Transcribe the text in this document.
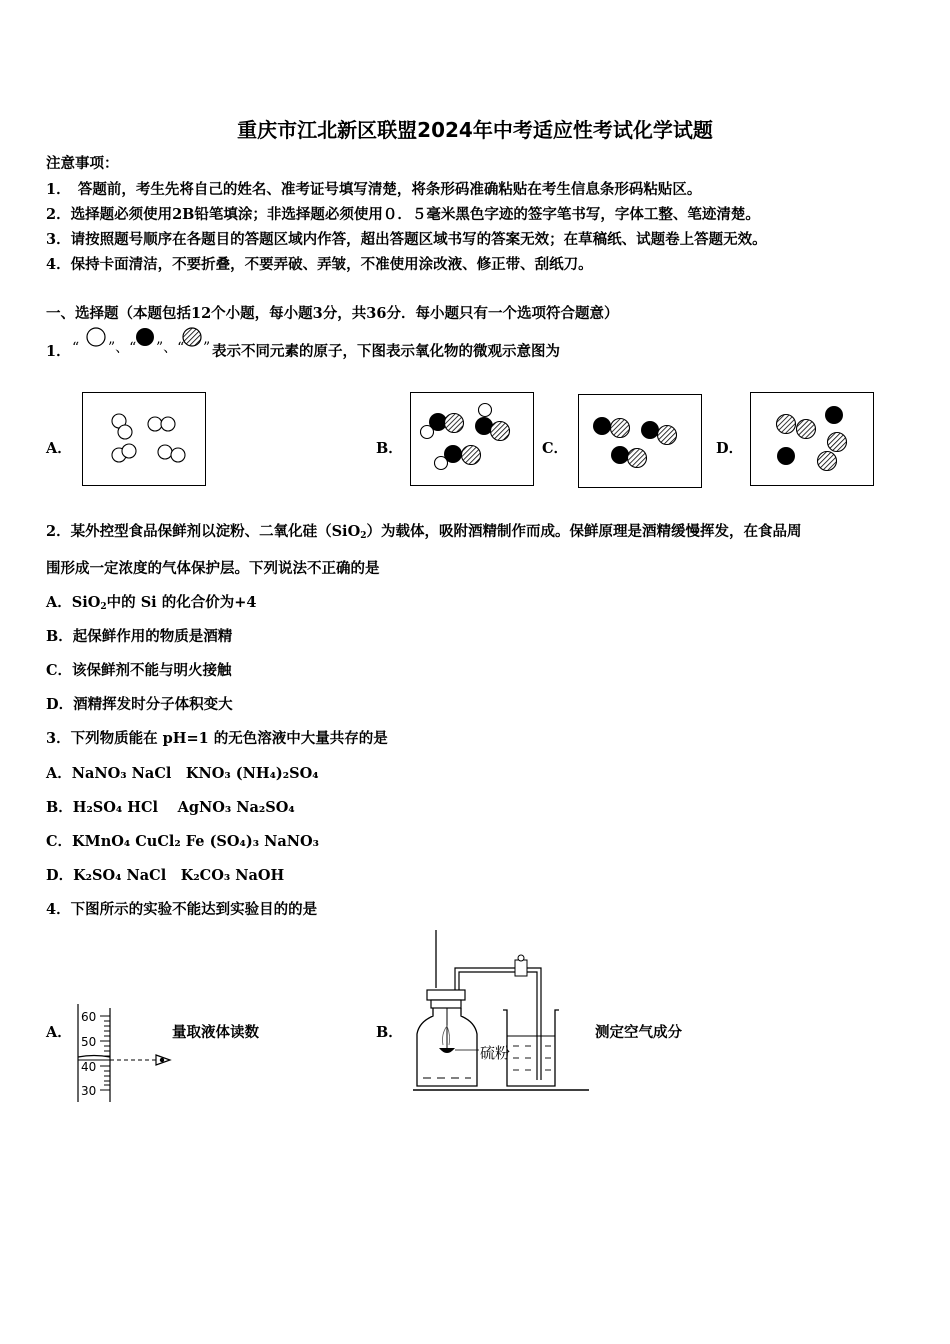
重庆市江北新区联盟2024年中考适应性考试化学试题
注意事项：
1．　答题前，考生先将自己的姓名、准考证号填写清楚，将条形码准确粘贴在考生信息条形码粘贴区。
2．选择题必须使用2B铅笔填涂；非选择题必须使用０．５毫米黑色字迹的签字笔书写，字体工整、笔迹清楚。
3．请按照题号顺序在各题目的答题区域内作答，超出答题区域书写的答案无效；在草稿纸、试题卷上答题无效。
4．保持卡面清洁，不要折叠，不要弄破、弄皱，不准使用涂改液、修正带、刮纸刀。
一、选择题（本题包括12个小题，每小题3分，共36分．每小题只有一个选项符合题意）
1． “ ”、“ ”、“ ” 表示不同元素的原子，下图表示氧化物的微观示意图为
A．	B．	C．	D．
2．某外控型食品保鲜剂以淀粉、二氧化硅（SiO$_2$）为载体，吸附酒精制作而成。保鲜原理是酒精缓慢挥发，在食品周
围形成一定浓度的气体保护层。下列说法不正确的是
A．SiO$_2$中的 Si 的化合价为+4
B．起保鲜作用的物质是酒精
C．该保鲜剂不能与明火接触
D．酒精挥发时分子体积变大
3．下列物质能在 pH=1 的无色溶液中大量共存的是
A．NaNO₃ NaCl　KNO₃ (NH₄)₂SO₄
B．H₂SO₄ HCl　 AgNO₃ Na₂SO₄
C．KMnO₄ CuCl₂ Fe (SO₄)₃ NaNO₃
D．K₂SO₄ NaCl　K₂CO₃ NaOH
4．下图所示的实验不能达到实验目的的是
A．	量取液体读数	B．	测定空气成分
60
50
40
30
硫粉
